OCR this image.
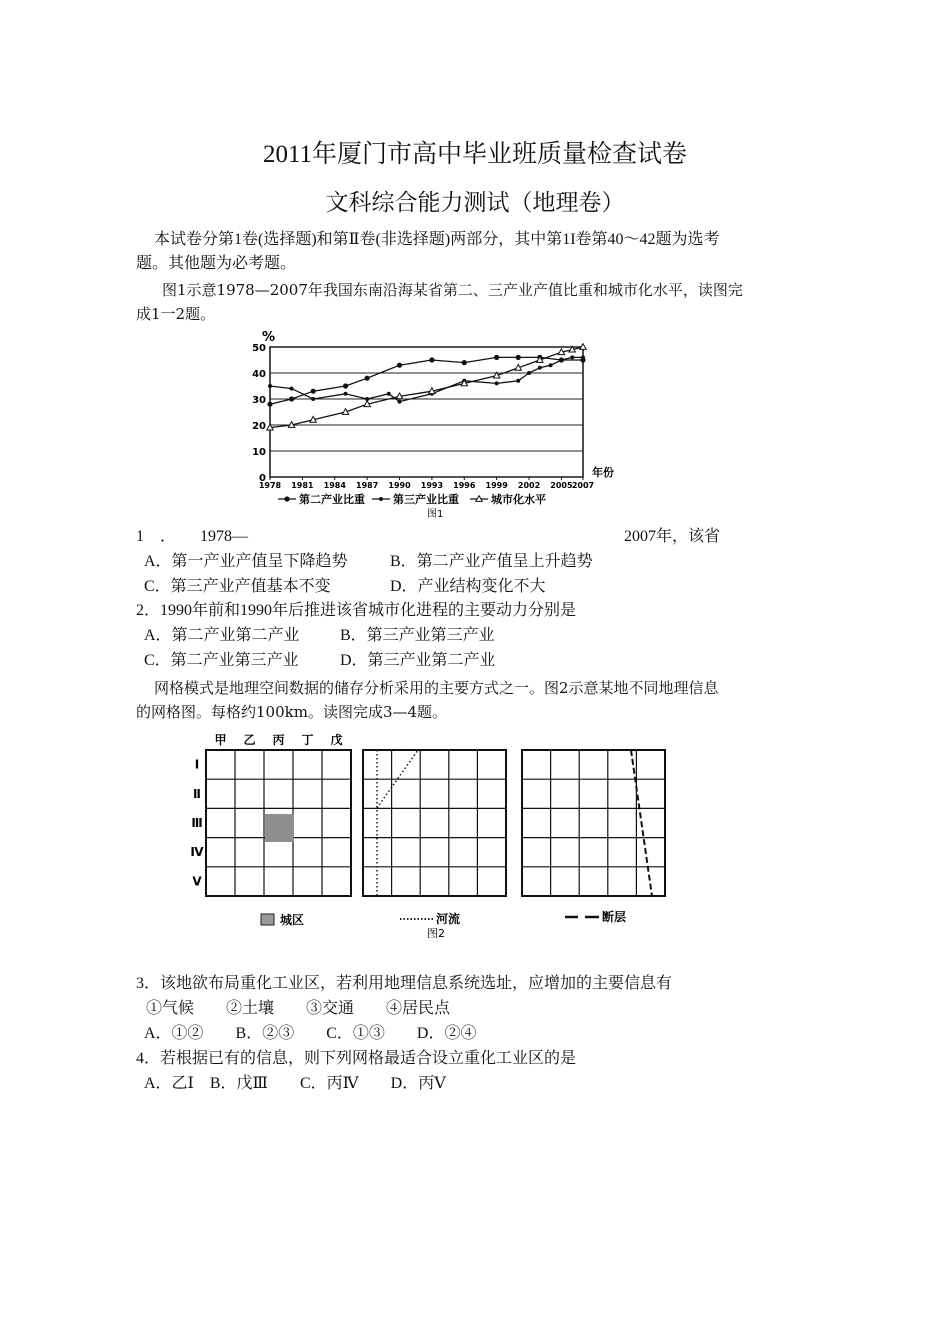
2011年厦门市高中毕业班质量检查试卷
文科综合能力测试（地理卷）
本试卷分第1卷(选择题)和第Ⅱ卷(非选择题)两部分，其中第1I卷第40～42题为选考
题。其他题为必考题。
图1示意1978—2007年我国东南沿海某省第二、三产业产值比重和城市化水平，读图完
成1一2题。
%
50
40
30
20
10
0
1978 1981 1984 1987 1990 1993 1996 1999 2002 2005 2007
年份
第二产业比重	第三产业比重	城市化水平
图1
1　． 1978—	2007年，该省
A．第一产业产值呈下降趋势	B．第二产业产值呈上升趋势
C．第三产业产值基本不变	D．产业结构变化不大
2．1990年前和1990年后推进该省城市化进程的主要动力分别是
A．第二产业第二产业	B．第三产业第三产业
C．第二产业第三产业	D．第三产业第二产业
网格模式是地理空间数据的储存分析采用的主要方式之一。图2示意某地不同地理信息
的网格图。每格约100km。读图完成3—4题。
甲 乙 丙 丁 戊
Ⅰ
Ⅱ
Ⅲ
Ⅳ
Ⅴ
城区	河流	断层
图2
3．该地欲布局重化工业区，若利用地理信息系统选址，应增加的主要信息有
①气候　　②土壤　　③交通　　④居民点
A．①②　　B．②③　　C．①③　　D．②④
4．若根据已有的信息，则下列网格最适合设立重化工业区的是
A．乙Ⅰ　B．戊Ⅲ　　C．丙Ⅳ　　D．丙Ⅴ
